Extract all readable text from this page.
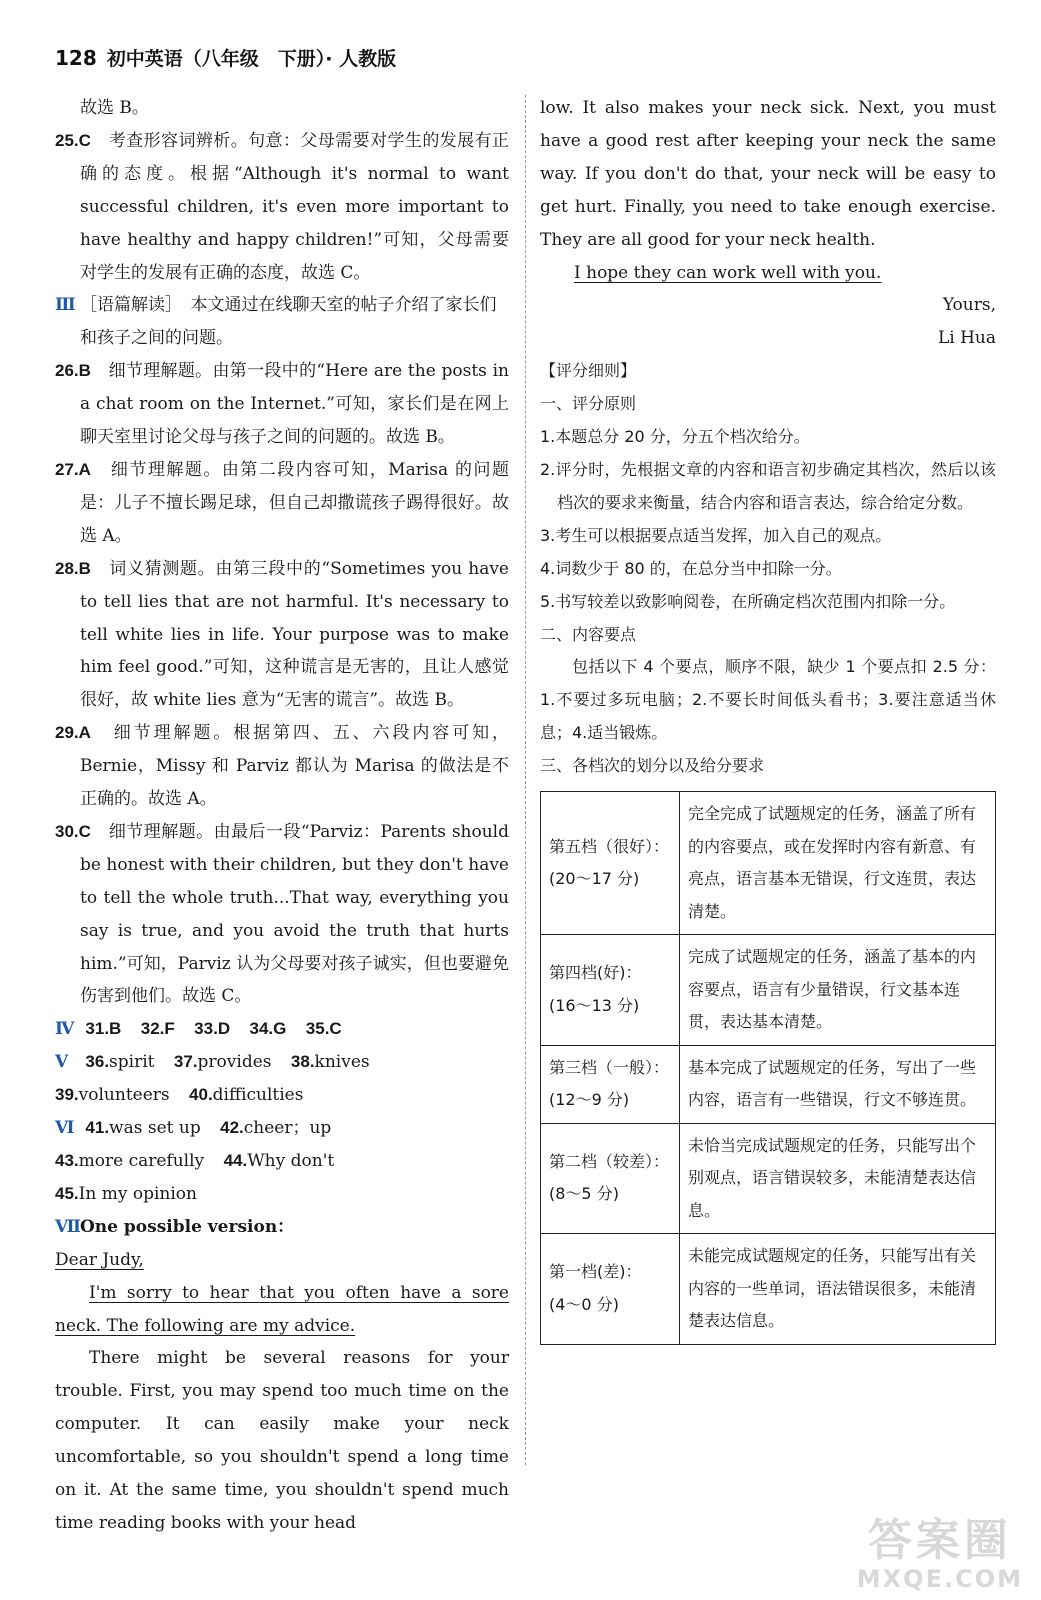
128 初中英语（八年级　下册）· 人教版

故选 B。

25.C　 考查形容词辨析。句意：父母需要对学生的发展有正确的态度。根据“Although it's normal to want successful children, it's even more important to have healthy and happy children!”可知，父母需要对学生的发展有正确的态度，故选 C。

Ⅲ ［语篇解读］　本文通过在线聊天室的帖子介绍了家长们和孩子之间的问题。

26.B　 细节理解题。由第一段中的“Here are the posts in a chat room on the Internet.”可知，家长们是在网上聊天室里讨论父母与孩子之间的问题的。故选 B。

27.A　 细节理解题。由第二段内容可知，Marisa 的问题是：儿子不擅长踢足球，但自己却撒谎孩子踢得很好。故选 A。

28.B　 词义猜测题。由第三段中的“Sometimes you have to tell lies that are not harmful. It's necessary to tell white lies in life. Your purpose was to make him feel good.”可知，这种谎言是无害的，且让人感觉很好，故 white lies 意为“无害的谎言”。故选 B。

29.A　 细节理解题。根据第四、五、六段内容可知，Bernie，Missy 和 Parviz 都认为 Marisa 的做法是不正确的。故选 A。

30.C　 细节理解题。由最后一段“Parviz：Parents should be honest with their children, but they don't have to tell the whole truth...That way, everything you say is true, and you avoid the truth that hurts him.”可知，Parviz 认为父母要对孩子诚实，但也要避免伤害到他们。故选 C。

Ⅳ 31.B 32.F 33.D 34.G 35.C

Ⅴ 36.spirit 37.provides 38.knives 39.volunteers 40.difficulties

Ⅵ 41.was set up 42.cheer；up 43.more carefully 44.Why don't 45.In my opinion

ⅦOne possible version：

Dear Judy,

I'm sorry to hear that you often have a sore neck. The following are my advice.

There might be several reasons for your trouble. First, you may spend too much time on the computer. It can easily make your neck uncomfortable, so you shouldn't spend a long time on it. At the same time, you shouldn't spend much time reading books with your head

low. It also makes your neck sick. Next, you must have a good rest after keeping your neck the same way. If you don't do that, your neck will be easy to get hurt. Finally, you need to take enough exercise. They are all good for your neck health.

I hope they can work well with you.

Yours,

Li Hua

【评分细则】

一、评分原则

1.本题总分 20 分，分五个档次给分。

2.评分时，先根据文章的内容和语言初步确定其档次，然后以该档次的要求来衡量，结合内容和语言表达，综合给定分数。

3.考生可以根据要点适当发挥，加入自己的观点。

4.词数少于 80 的，在总分当中扣除一分。

5.书写较差以致影响阅卷，在所确定档次范围内扣除一分。

二、内容要点

包括以下 4 个要点，顺序不限，缺少 1 个要点扣 2.5 分：1.不要过多玩电脑；2.不要长时间低头看书；3.要注意适当休息；4.适当锻炼。

三、各档次的划分以及给分要求

第五档（很好）：
(20～17 分)	完全完成了试题规定的任务，涵盖了所有的内容要点，或在发挥时内容有新意、有亮点，语言基本无错误，行文连贯，表达清楚。

第四档(好)：
(16～13 分)	完成了试题规定的任务，涵盖了基本的内容要点，语言有少量错误，行文基本连贯，表达基本清楚。

第三档（一般）：
(12～9 分)	基本完成了试题规定的任务，写出了一些内容，语言有一些错误，行文不够连贯。

第二档（较差）：
(8～5 分)	未恰当完成试题规定的任务，只能写出个别观点，语言错误较多，未能清楚表达信息。

第一档(差)：
(4～0 分)	未能完成试题规定的任务，只能写出有关内容的一些单词，语法错误很多，未能清楚表达信息。
答案圈
MXQE.COM
